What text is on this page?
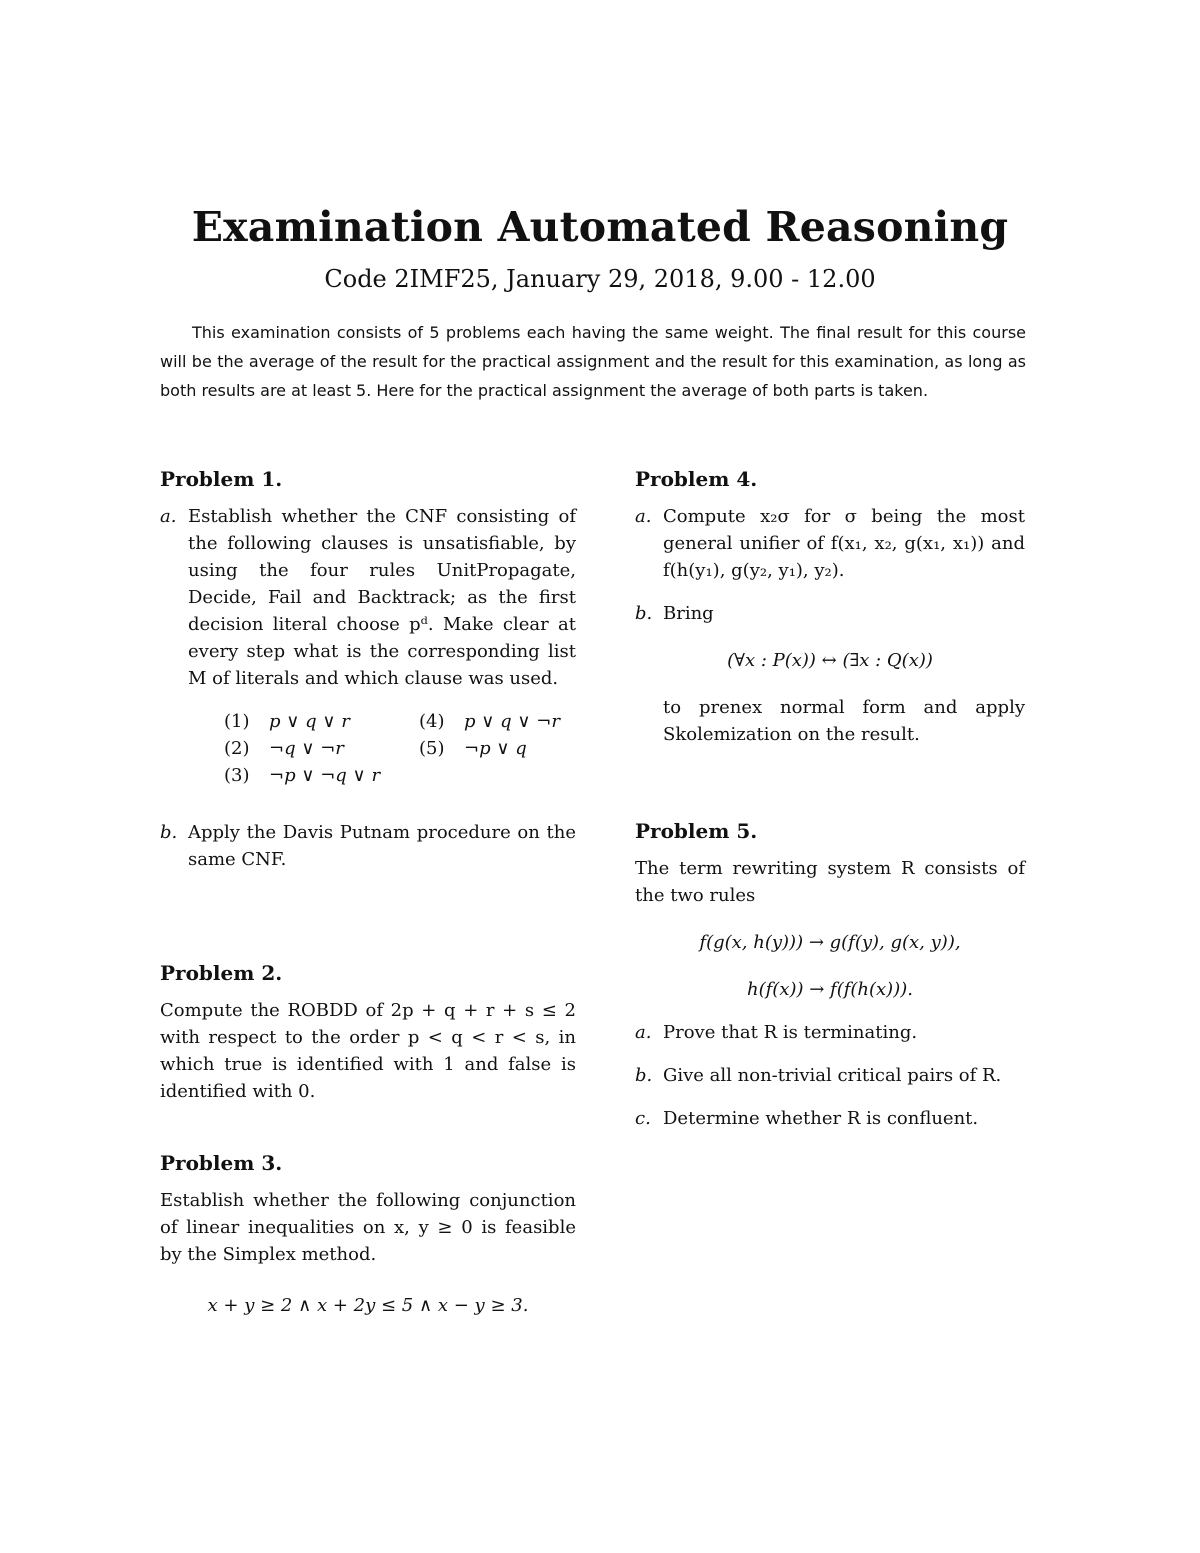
Examination Automated Reasoning
Code 2IMF25, January 29, 2018, 9.00 - 12.00
This examination consists of 5 problems each having the same weight. The final result for this course will be the average of the result for the practical assignment and the result for this examination, as long as both results are at least 5. Here for the practical assignment the average of both parts is taken.
Problem 1.
a. Establish whether the CNF consisting of the following clauses is unsatisfiable, by using the four rules UnitPropagate, Decide, Fail and Backtrack; as the first decision literal choose pᵈ. Make clear at every step what is the corresponding list M of literals and which clause was used.
(1)	p ∨ q ∨ r	(4)	p ∨ q ∨ ¬r
(2)	¬q ∨ ¬r	(5)	¬p ∨ q
(3)	¬p ∨ ¬q ∨ r
b. Apply the Davis Putnam procedure on the same CNF.
Problem 2.
Compute the ROBDD of 2p + q + r + s ≤ 2 with respect to the order p < q < r < s, in which true is identified with 1 and false is identified with 0.
Problem 3.
Establish whether the following conjunction of linear inequalities on x, y ≥ 0 is feasible by the Simplex method.
x + y ≥ 2 ∧ x + 2y ≤ 5 ∧ x − y ≥ 3.
Problem 4.
a. Compute x₂σ for σ being the most general unifier of f(x₁, x₂, g(x₁, x₁)) and f(h(y₁), g(y₂, y₁), y₂).
b. Bring
(∀x : P(x)) ↔ (∃x : Q(x))
to prenex normal form and apply Skolemization on the result.
Problem 5.
The term rewriting system R consists of the two rules
f(g(x, h(y))) → g(f(y), g(x, y)),
h(f(x)) → f(f(h(x))).
a. Prove that R is terminating.
b. Give all non-trivial critical pairs of R.
c. Determine whether R is confluent.
